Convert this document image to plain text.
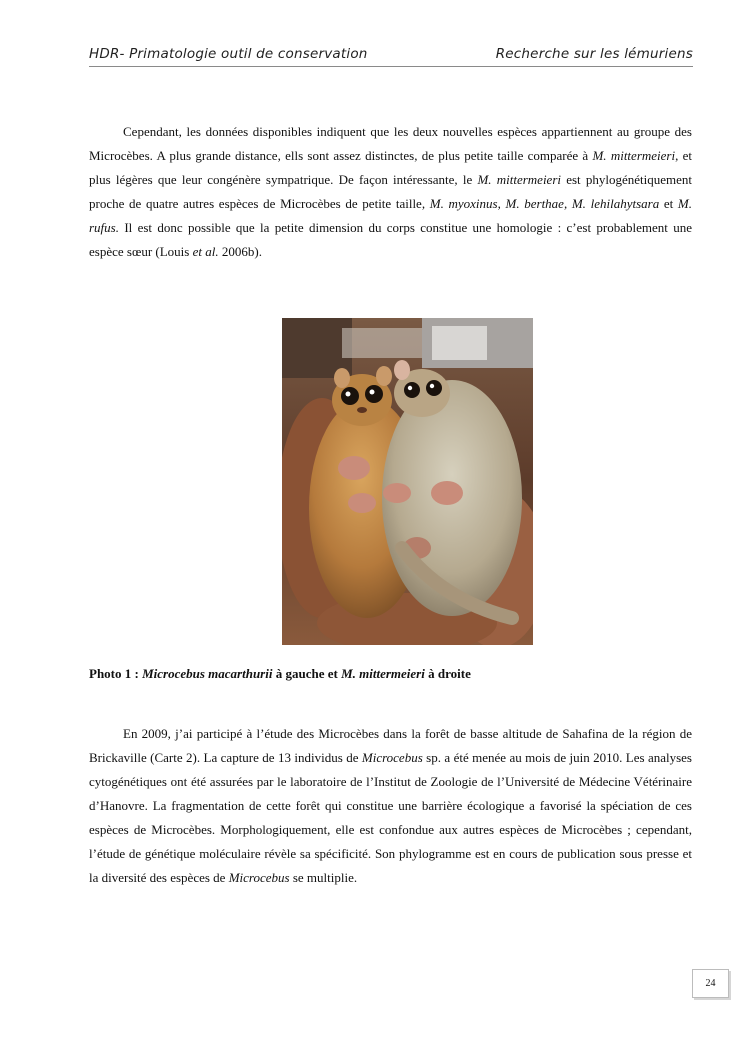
HDR- Primatologie outil de conservation	Recherche sur les lémuriens

Cependant, les données disponibles indiquent que les deux nouvelles espèces appartiennent au groupe des Microcèbes. A plus grande distance, ells sont assez distinctes, de plus petite taille comparée à M. mittermeieri, et plus légères que leur congénère sympatrique. De façon intéressante, le M. mittermeieri est phylogénétiquement proche de quatre autres espèces de Microcèbes de petite taille, M. myoxinus, M. berthae, M. lehilahytsara et M. rufus. Il est donc possible que la petite dimension du corps constitue une homologie : c’est probablement une espèce sœur (Louis et al. 2006b).

Photo 1 : Microcebus macarthurii à gauche et M. mittermeieri à droite

En 2009, j’ai participé à l’étude des Microcèbes dans la forêt de basse altitude de Sahafina de la région de Brickaville (Carte 2). La capture de 13 individus de Microcebus sp. a été menée au mois de juin 2010. Les analyses cytogénétiques ont été assurées par le laboratoire de l’Institut de Zoologie de l’Université de Médecine Vétérinaire d’Hanovre. La fragmentation de cette forêt qui constitue une barrière écologique a favorisé la spéciation de ces espèces de Microcèbes. Morphologiquement, elle est confondue aux autres espèces de Microcèbes ; cependant, l’étude de génétique moléculaire révèle sa spécificité. Son phylogramme est en cours de publication sous presse et la diversité des espèces de Microcebus se multiplie.

24
